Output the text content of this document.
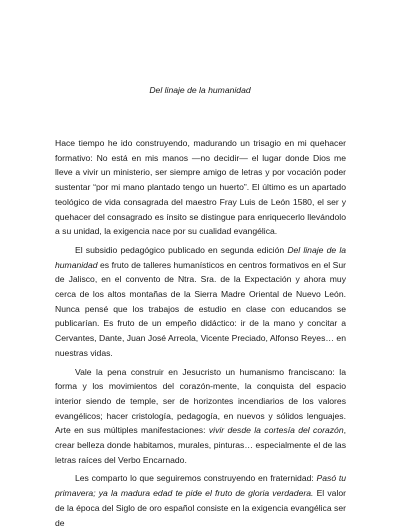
Del linaje de la humanidad

Hace tiempo he ido construyendo, madurando un trisagio en mi quehacer formativo: No está en mis manos —no decidir— el lugar donde Dios me lleve a vivir un ministerio, ser siempre amigo de letras y por vocación poder sustentar “por mi mano plantado tengo un huerto”. El último es un apartado teológico de vida consagrada del maestro Fray Luis de León 1580, el ser y quehacer del consagrado es ínsito se distingue para enriquecerlo llevándolo a su unidad, la exigencia nace por su cualidad evangélica.

El subsidio pedagógico publicado en segunda edición Del linaje de la humanidad es fruto de talleres humanísticos en centros formativos en el Sur de Jalisco, en el convento de Ntra. Sra. de la Expectación y ahora muy cerca de los altos montañas de la Sierra Madre Oriental de Nuevo León. Nunca pensé que los trabajos de estudio en clase con educandos se publicarían. Es fruto de un empeño didáctico: ir de la mano y concitar a Cervantes, Dante, Juan José Arreola, Vicente Preciado, Alfonso Reyes… en nuestras vidas.

Vale la pena construir en Jesucristo un humanismo franciscano: la forma y los movimientos del corazón-mente, la conquista del espacio interior siendo de temple, ser de horizontes incendiarios de los valores evangélicos; hacer cristología, pedagogía, en nuevos y sólidos lenguajes. Arte en sus múltiples manifestaciones: vivir desde la cortesía del corazón, crear belleza donde habitamos, murales, pinturas… especialmente el de las letras raíces del Verbo Encarnado.

Les comparto lo que seguiremos construyendo en fraternidad: Pasó tu primavera; ya la madura edad te pide el fruto de gloria verdadera. El valor de la época del Siglo de oro español consiste en la exigencia evangélica ser de
